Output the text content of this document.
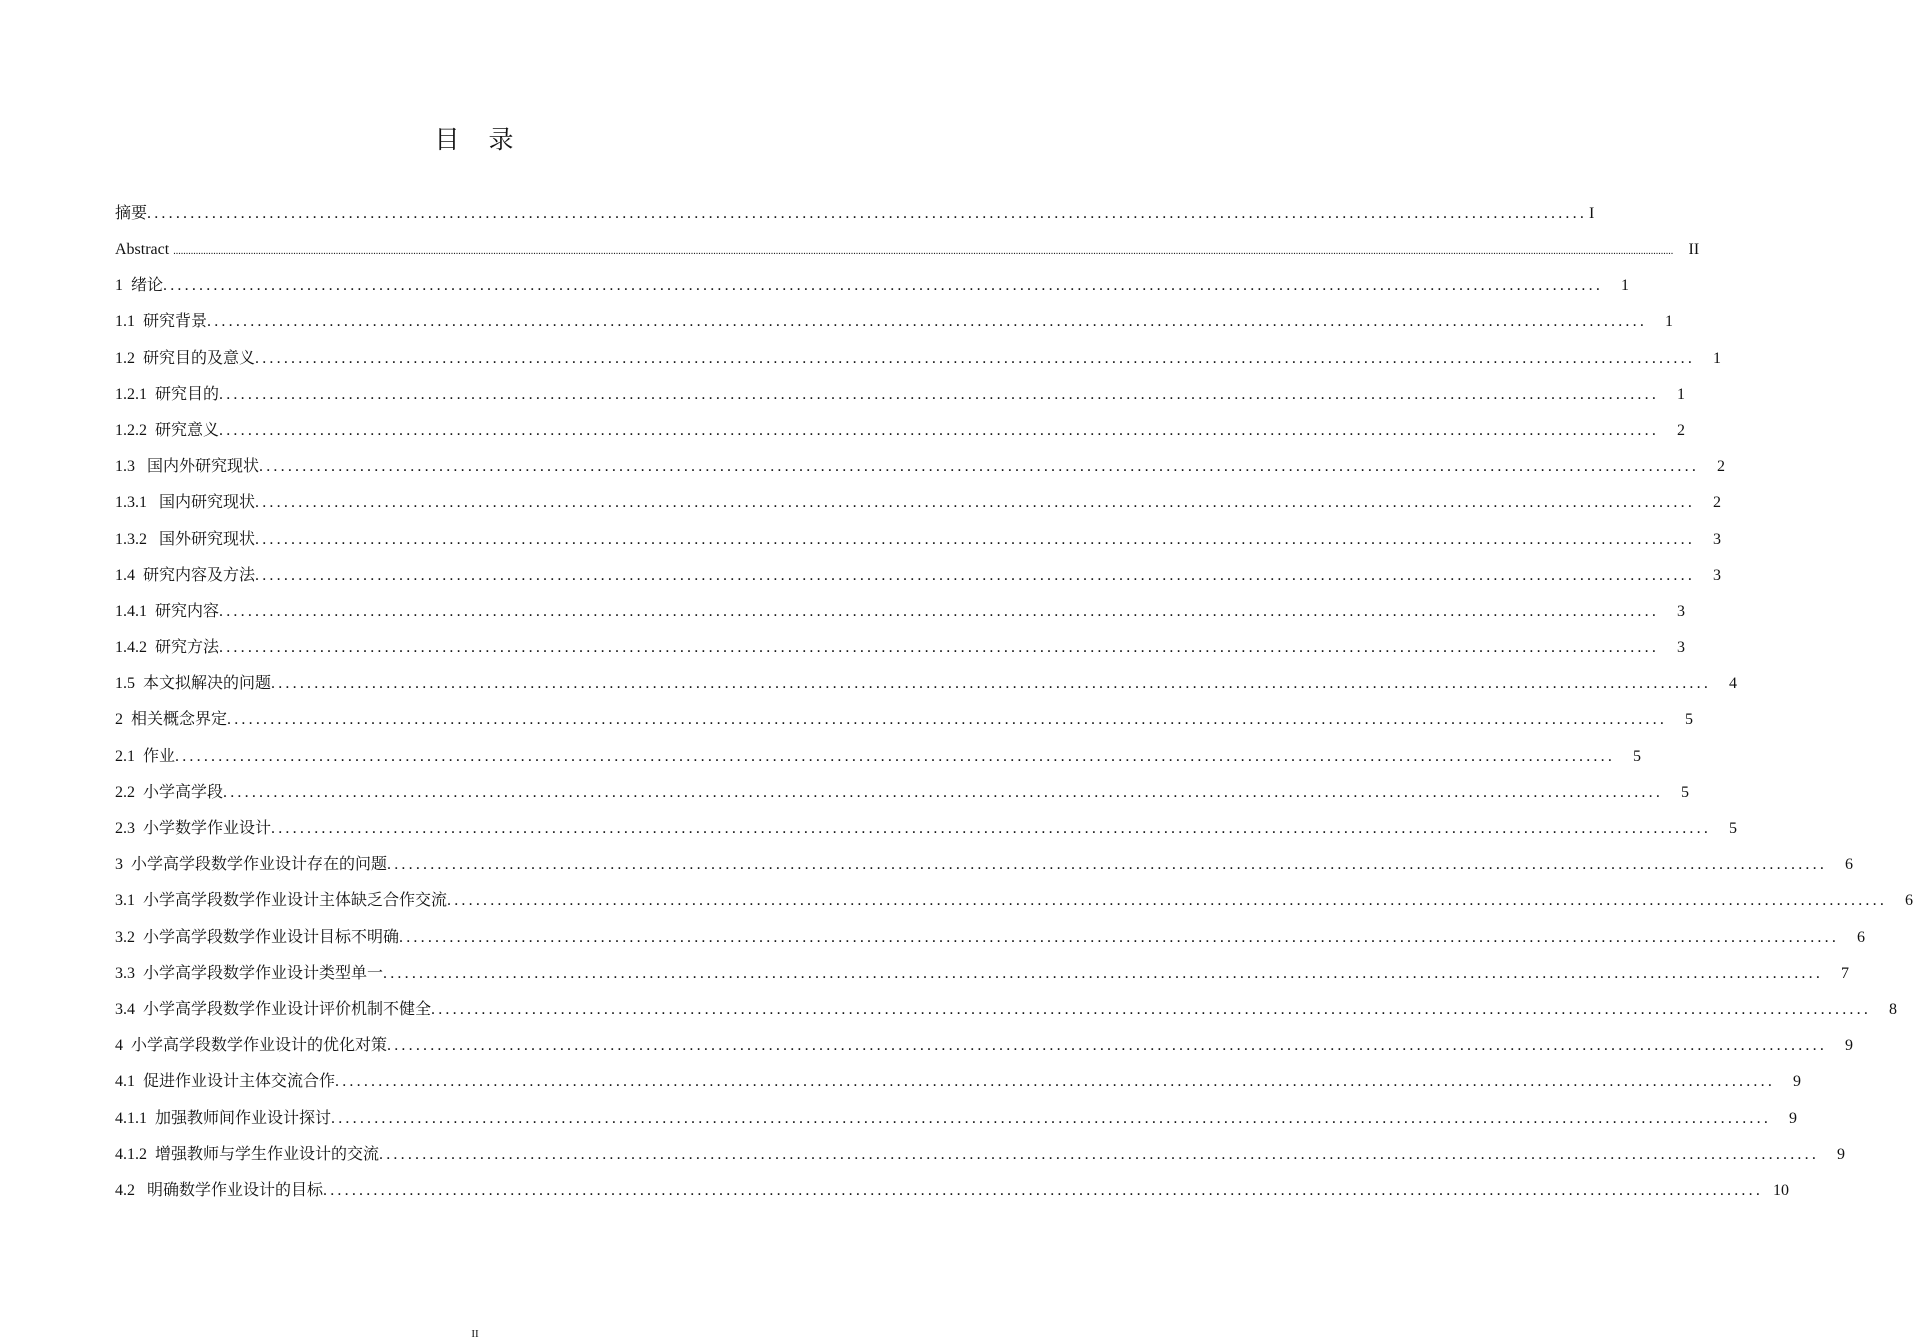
目　录
摘要 ........................................................................................................................................................................................................ I
Abstract ........................................................................................................................................................................................................................................................................................................................................................................................................................................................................................................................................................................................................................ II
1  绪论 ........................................................................................................................................................................................................	1
1.1  研究背景 ........................................................................................................................................................................................................	1
1.2  研究目的及意义 ........................................................................................................................................................................................................	1
1.2.1  研究目的 ........................................................................................................................................................................................................	1
1.2.2  研究意义 ........................................................................................................................................................................................................	2
1.3   国内外研究现状 ........................................................................................................................................................................................................	2
1.3.1   国内研究现状 ........................................................................................................................................................................................................	2
1.3.2   国外研究现状 ........................................................................................................................................................................................................	3
1.4  研究内容及方法 ........................................................................................................................................................................................................	3
1.4.1  研究内容 ........................................................................................................................................................................................................	3
1.4.2  研究方法 ........................................................................................................................................................................................................	3
1.5  本文拟解决的问题 ........................................................................................................................................................................................................	4
2  相关概念界定 ........................................................................................................................................................................................................	5
2.1  作业 ........................................................................................................................................................................................................	5
2.2  小学高学段 ........................................................................................................................................................................................................	5
2.3  小学数学作业设计 ........................................................................................................................................................................................................	5
3  小学高学段数学作业设计存在的问题 ........................................................................................................................................................................................................	6
3.1  小学高学段数学作业设计主体缺乏合作交流 ........................................................................................................................................................................................................	6
3.2  小学高学段数学作业设计目标不明确 ........................................................................................................................................................................................................	6
3.3  小学高学段数学作业设计类型单一 ........................................................................................................................................................................................................	7
3.4  小学高学段数学作业设计评价机制不健全 ........................................................................................................................................................................................................	8
4  小学高学段数学作业设计的优化对策 ........................................................................................................................................................................................................	9
4.1  促进作业设计主体交流合作 ........................................................................................................................................................................................................	9
4.1.1  加强教师间作业设计探讨 ........................................................................................................................................................................................................	9
4.1.2  增强教师与学生作业设计的交流 ........................................................................................................................................................................................................	9
4.2   明确数学作业设计的目标 ........................................................................................................................................................................................................ 10
II
